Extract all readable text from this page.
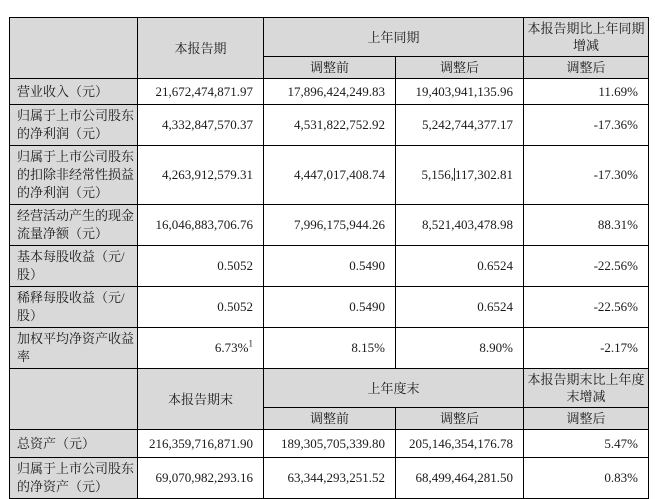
	本报告期	上年同期		本报告期比上年同期增减
		调整前	调整后	调整后
营业收入（元）	21,672,474,871.97	17,896,424,249.83	19,403,941,135.96	11.69%
归属于上市公司股东的净利润（元）	4,332,847,570.37	4,531,822,752.92	5,242,744,377.17	-17.36%
归属于上市公司股东的扣除非经常性损益的净利润（元）	4,263,912,579.31	4,447,017,408.74	5,156,117,302.81	-17.30%
经营活动产生的现金流量净额（元）	16,046,883,706.76	7,996,175,944.26	8,521,403,478.98	88.31%
基本每股收益（元/股）	0.5052	0.5490	0.6524	-22.56%
稀释每股收益（元/股）	0.5052	0.5490	0.6524	-22.56%
加权平均净资产收益率	6.73%$^1$	8.15%	8.90%	-2.17%
	本报告期末	上年度末		本报告期末比上年度末增减
		调整前	调整后	调整后
总资产（元）	216,359,716,871.90	189,305,705,339.80	205,146,354,176.78	5.47%
归属于上市公司股东的净资产（元）	69,070,982,293.16	63,344,293,251.52	68,499,464,281.50	0.83%
